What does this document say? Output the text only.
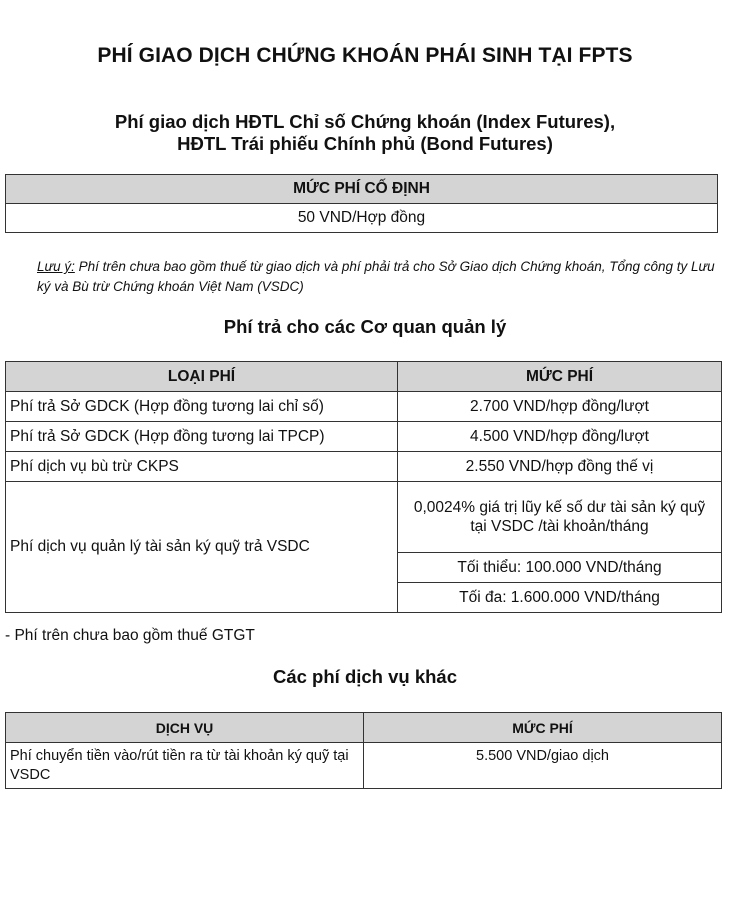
PHÍ GIAO DỊCH CHỨNG KHOÁN PHÁI SINH TẠI FPTS
Phí giao dịch HĐTL Chỉ số Chứng khoán (Index Futures),
HĐTL Trái phiếu Chính phủ (Bond Futures)
MỨC PHÍ CỐ ĐỊNH
50 VND/Hợp đồng
Lưu ý: Phí trên chưa bao gồm thuế từ giao dịch và phí phải trả cho Sở Giao dịch Chứng khoán, Tổng công ty Lưu ký và Bù trừ Chứng khoán Việt Nam (VSDC)
Phí trả cho các Cơ quan quản lý
LOẠI PHÍ	MỨC PHÍ
Phí trả Sở GDCK (Hợp đồng tương lai chỉ số)	2.700 VND/hợp đồng/lượt
Phí trả Sở GDCK (Hợp đồng tương lai TPCP)	4.500 VND/hợp đồng/lượt
Phí dịch vụ bù trừ CKPS	2.550 VND/hợp đồng thế vị
Phí dịch vụ quản lý tài sản ký quỹ trả VSDC	0,0024% giá trị lũy kế số dư tài sản ký quỹ
tại VSDC /tài khoản/tháng
	Tối thiểu: 100.000 VND/tháng
	Tối đa: 1.600.000 VND/tháng
- Phí trên chưa bao gồm thuế GTGT
Các phí dịch vụ khác
DỊCH VỤ	MỨC PHÍ
Phí chuyển tiền vào/rút tiền ra từ tài khoản ký quỹ tại VSDC	5.500 VND/giao dịch
